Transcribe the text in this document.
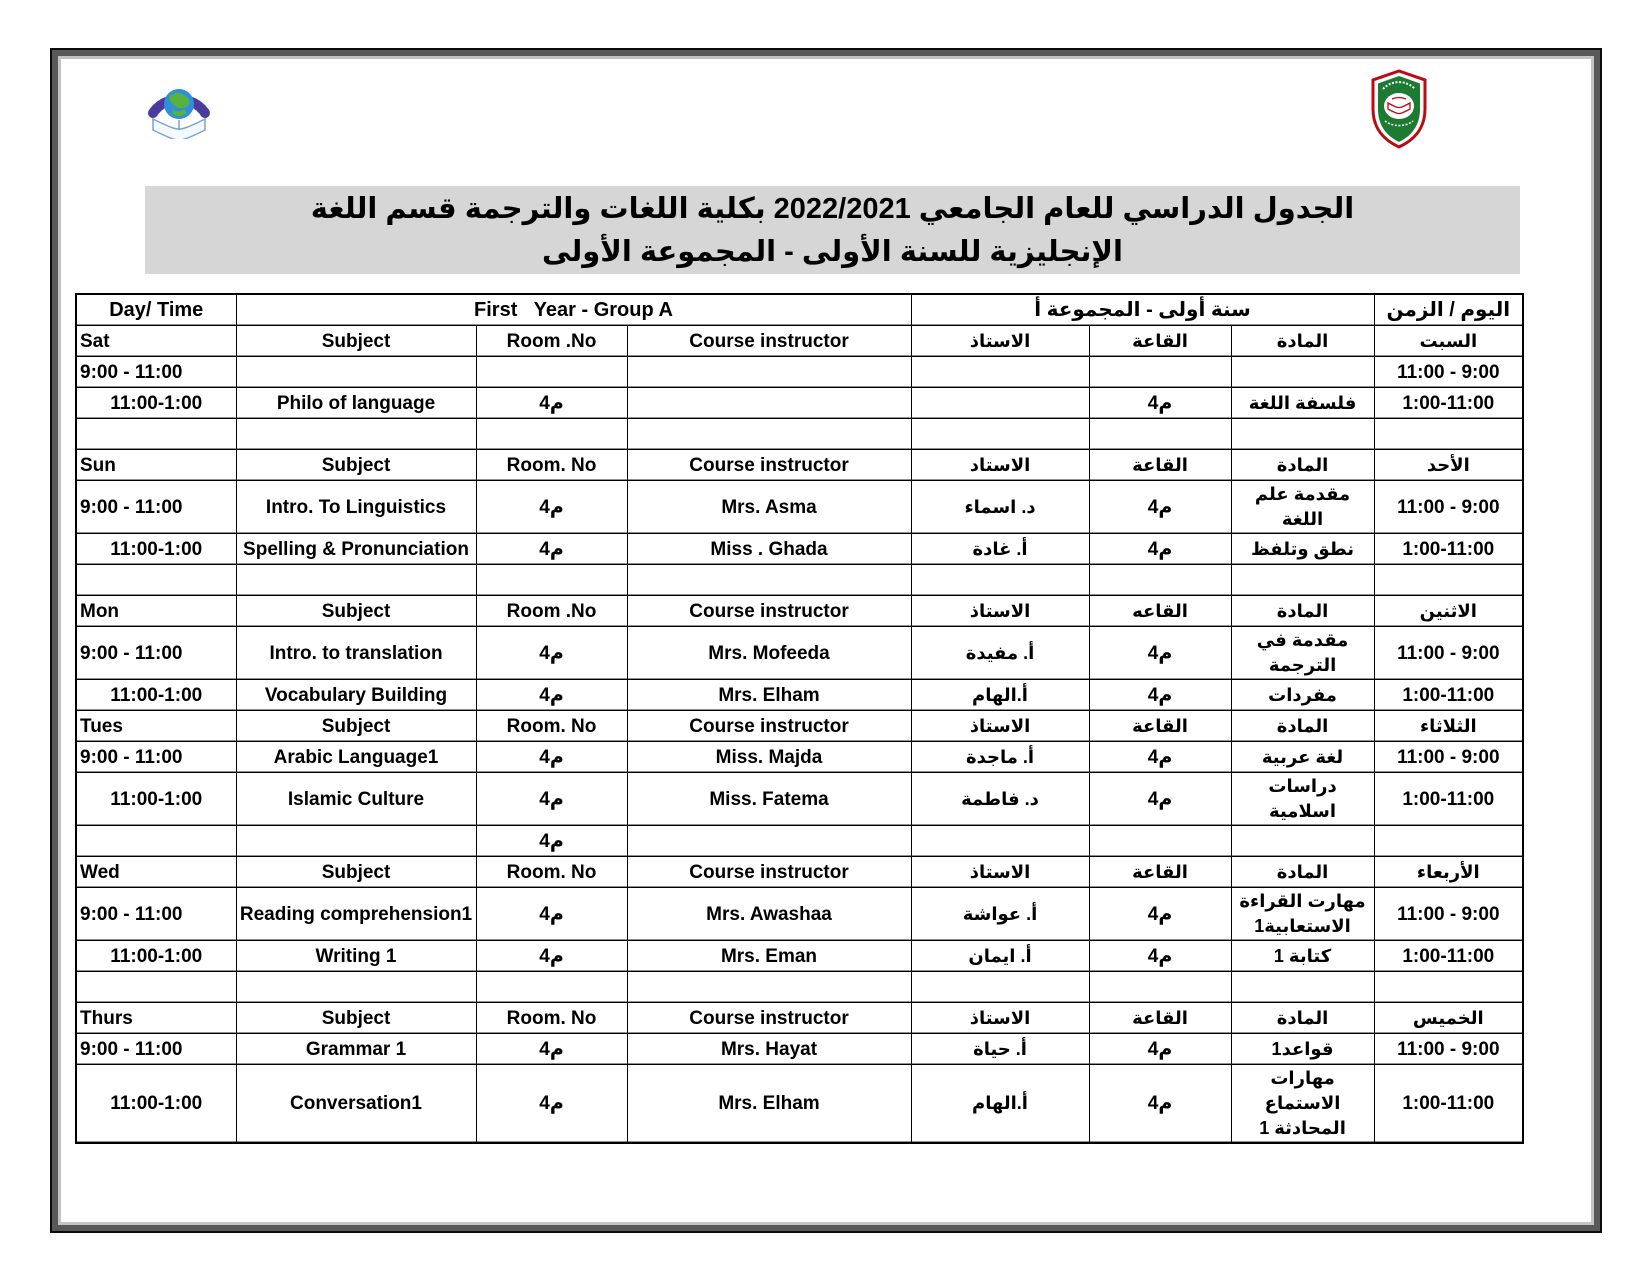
الجدول الدراسي للعام الجامعي 2022/2021 بكلية اللغات والترجمة قسم اللغة
الإنجليزية للسنة الأولى - المجموعة الأولى
Day/ Time	First   Year - Group A			سنة أولى - المجموعة أ			اليوم / الزمن
Sat	Subject	Room .No	Course instructor	الاستاذ	القاعة	المادة	السبت
9:00 - 11:00							11:00 - 9:00
11:00-1:00	Philo of language	4م			4م	فلسفة اللغة	1:00-11:00

Sun	Subject	Room. No	Course instructor	الاستاد	القاعة	المادة	الأحد
9:00 - 11:00	Intro. To Linguistics	4م	Mrs. Asma	د. اسماء	4م	مقدمة علم اللغة	11:00 - 9:00
11:00-1:00	Spelling & Pronunciation	4م	Miss . Ghada	أ. غادة	4م	نطق وتلفظ	1:00-11:00

Mon	Subject	Room .No	Course instructor	الاستاذ	القاعه	المادة	الاثنين
9:00 - 11:00	Intro. to translation	4م	Mrs. Mofeeda	أ. مفيدة	4م	مقدمة في الترجمة	11:00 - 9:00
11:00-1:00	Vocabulary Building	4م	Mrs. Elham	أ.الهام	4م	مفردات	1:00-11:00
Tues	Subject	Room. No	Course instructor	الاستاذ	القاعة	المادة	الثلاثاء
9:00 - 11:00	Arabic Language1	4م	Miss. Majda	أ. ماجدة	4م	لغة عربية	11:00 - 9:00
11:00-1:00	Islamic Culture	4م	Miss. Fatema	د. فاطمة	4م	دراسات اسلامية	1:00-11:00
		4م					
Wed	Subject	Room. No	Course instructor	الاستاذ	القاعة	المادة	الأربعاء
9:00 - 11:00	Reading comprehension1	4م	Mrs. Awashaa	أ. عواشة	4م	مهارت القراءة الاستعابية1	11:00 - 9:00
11:00-1:00	Writing 1	4م	Mrs. Eman	أ. ايمان	4م	كتابة 1	1:00-11:00

Thurs	Subject	Room. No	Course instructor	الاستاذ	القاعة	المادة	الخميس
9:00 - 11:00	Grammar 1	4م	Mrs. Hayat	أ. حياة	4م	قواعد1	11:00 - 9:00
11:00-1:00	Conversation1	4م	Mrs. Elham	أ.الهام	4م	مهارات الاستماع المحادثة 1	1:00-11:00
